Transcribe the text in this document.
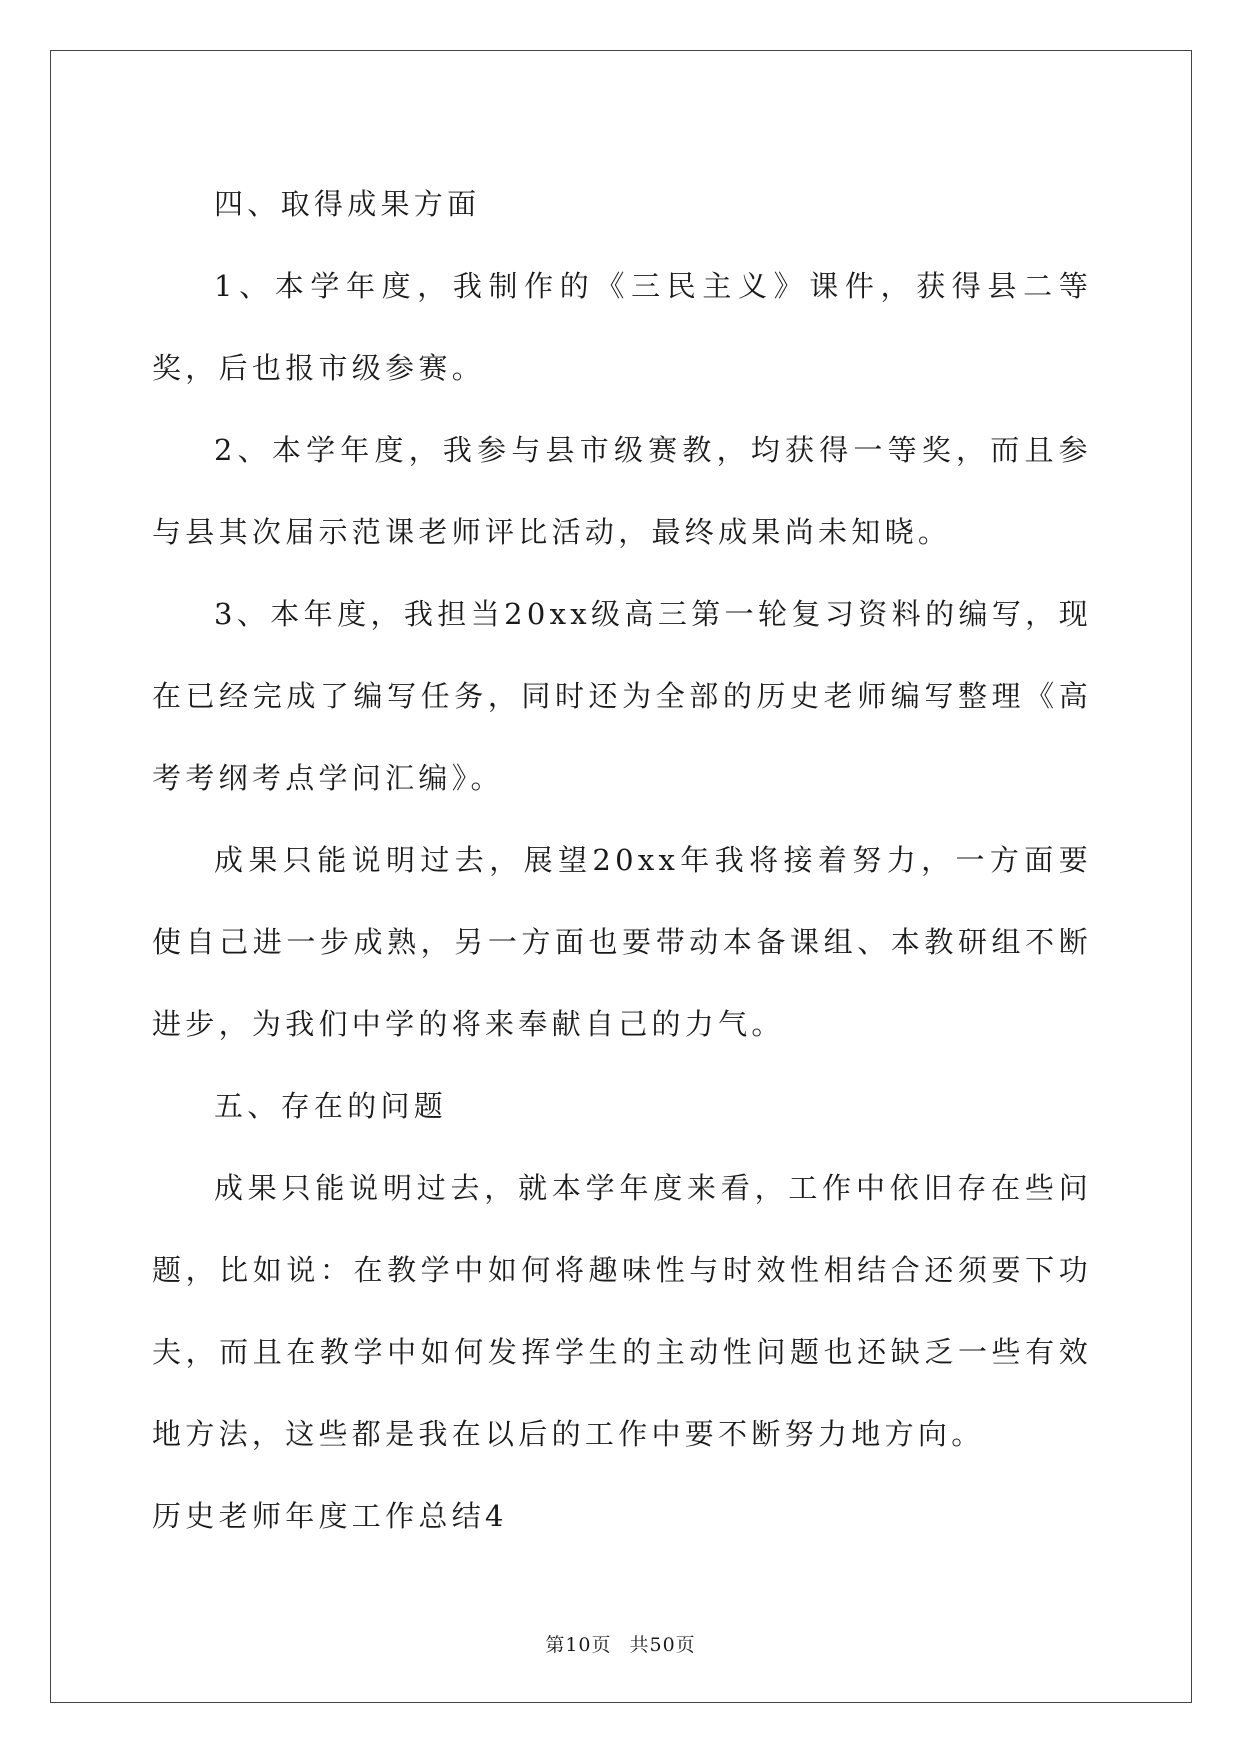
四、取得成果方面

1、本学年度，我制作的《三民主义》课件，获得县二等奖，后也报市级参赛。

2、本学年度，我参与县市级赛教，均获得一等奖，而且参与县其次届示范课老师评比活动，最终成果尚未知晓。

3、本年度，我担当20xx级高三第一轮复习资料的编写，现在已经完成了编写任务，同时还为全部的历史老师编写整理《高考考纲考点学问汇编》。

成果只能说明过去，展望20xx年我将接着努力，一方面要使自己进一步成熟，另一方面也要带动本备课组、本教研组不断进步，为我们中学的将来奉献自己的力气。

五、存在的问题

成果只能说明过去，就本学年度来看，工作中依旧存在些问题，比如说：在教学中如何将趣味性与时效性相结合还须要下功夫，而且在教学中如何发挥学生的主动性问题也还缺乏一些有效地方法，这些都是我在以后的工作中要不断努力地方向。

历史老师年度工作总结4

第10页 共50页
